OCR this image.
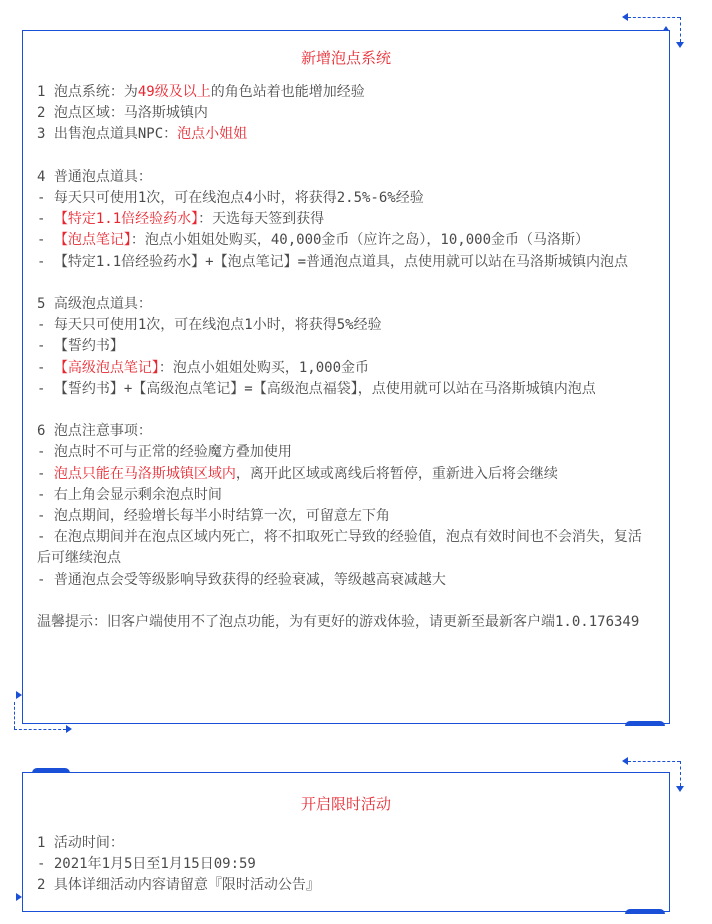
新增泡点系统
1 泡点系统：为49级及以上的角色站着也能增加经验
2 泡点区域：马洛斯城镇内
3 出售泡点道具NPC：泡点小姐姐
4 普通泡点道具：
- 每天只可使用1次，可在线泡点4小时，将获得2.5%-6%经验
- 【特定1.1倍经验药水】：天选每天签到获得
- 【泡点笔记】：泡点小姐姐处购买，40,000金币（应许之岛），10,000金币（马洛斯）
- 【特定1.1倍经验药水】+【泡点笔记】=普通泡点道具，点使用就可以站在马洛斯城镇内泡点
5 高级泡点道具：
- 每天只可使用1次，可在线泡点1小时，将获得5%经验
- 【誓约书】
- 【高级泡点笔记】：泡点小姐姐处购买，1,000金币
- 【誓约书】+【高级泡点笔记】=【高级泡点福袋】，点使用就可以站在马洛斯城镇内泡点
6 泡点注意事项：
- 泡点时不可与正常的经验魔方叠加使用
- 泡点只能在马洛斯城镇区域内，离开此区域或离线后将暂停，重新进入后将会继续
- 右上角会显示剩余泡点时间
- 泡点期间，经验增长每半小时结算一次，可留意左下角
- 在泡点期间并在泡点区域内死亡，将不扣取死亡导致的经验值，泡点有效时间也不会消失，复活后可继续泡点
- 普通泡点会受等级影响导致获得的经验衰减，等级越高衰减越大
温馨提示：旧客户端使用不了泡点功能，为有更好的游戏体验，请更新至最新客户端1.0.176349
开启限时活动
1 活动时间：
- 2021年1月5日至1月15日09:59
2 具体详细活动内容请留意『限时活动公告』
